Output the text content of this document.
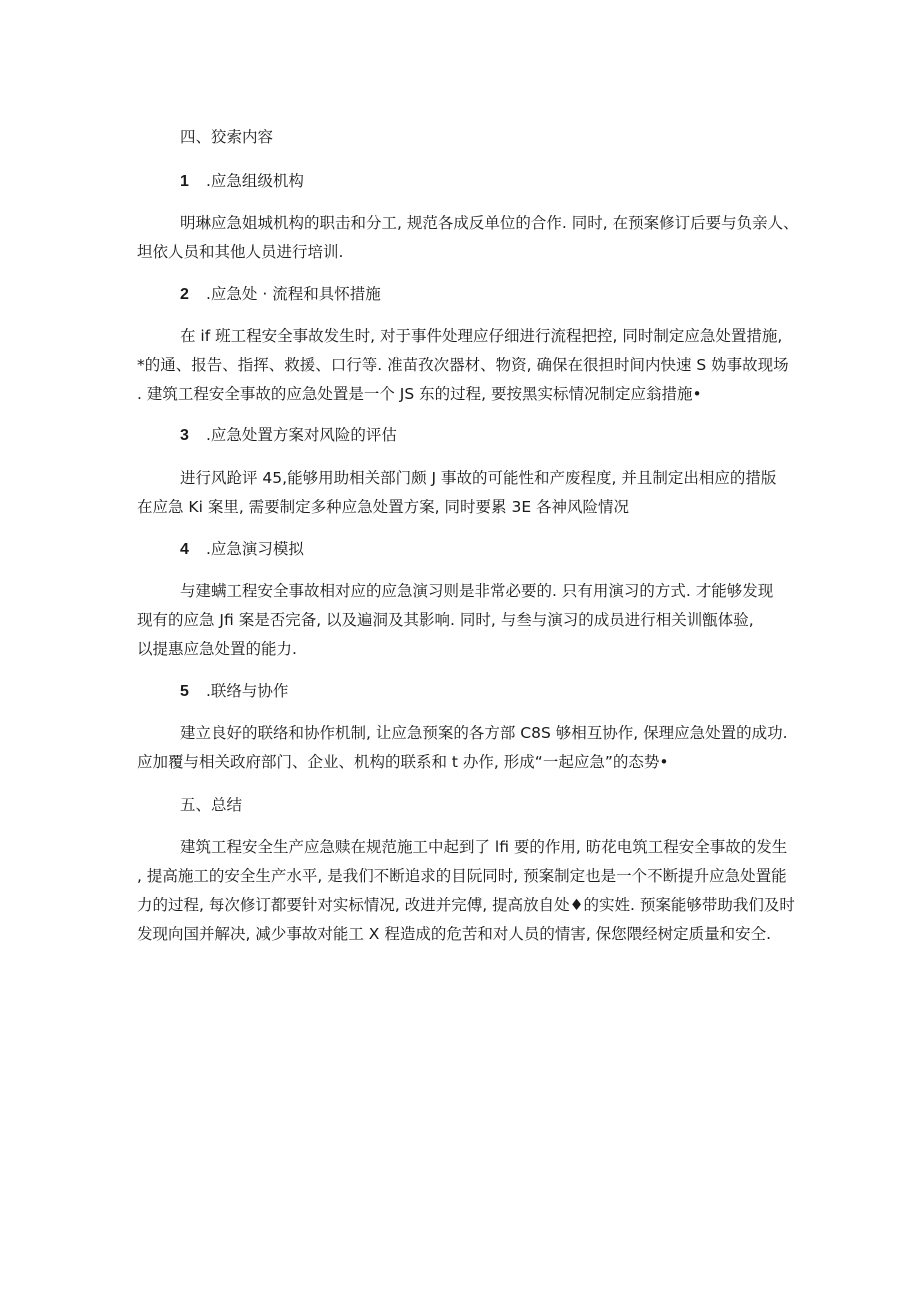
四、狡索内容
1 .应急组级机构
明琳应急姐城机构的职击和分工, 规范各成反单位的合作. 同时, 在预案修订后要与负亲人、
坦依人员和其他人员进行培训.
2 .应急处 · 流程和具怀措施
在 if 班工程安全事故发生时, 对于事件处理应仔细进行流程把控, 同时制定应急处置措施,
*的通、报告、指挥、救援、口行等. 准苗孜次器材、物资, 确保在很担时间内快速 S 妫事故现场
. 建筑工程安全事故的应急处置是一个 JS 东的过程, 要按黑实标情况制定应翁措施•
3 .应急处置方案对风险的评估
进行风跄评 45,能够用助相关部门颇 J 事故的可能性和产废程度, 并且制定出相应的措版
在应急 Ki 案里, 需要制定多种应急处置方案, 同时要累 3E 各神风险情况
4 .应急演习模拟
与建螨工程安全事故相对应的应急演习则是非常必要的. 只有用演习的方式. 才能够发现
现有的应急 Jfi 案是否完备, 以及遍洞及其影响. 同时, 与叁与演习的成员进行相关训甑体验,
以提惠应急处置的能力.
5 .联络与协作
建立良好的联络和协作机制, 让应急预案的各方部 C8S 够相互协作, 保理应急处置的成功.
应加覆与相关政府部门、企业、机构的联系和 t 办作, 形成“一起应急”的态势•
五、总结
建筑工程安全生产应急赎在规范施工中起到了 lfi 要的作用, 昉花电筑工程安全事故的发生
, 提高施工的安全生产水平, 是我们不断追求的目阮同时, 预案制定也是一个不断提升应急处置能
力的过程, 每次修订都要针对实标情况, 改进并完傅, 提高放自处♦的实姓. 预案能够带助我们及时
发现向国并解决, 减少事故对能工 X 程造成的危苦和对人员的情害, 保您隈经树定质量和安仝.
